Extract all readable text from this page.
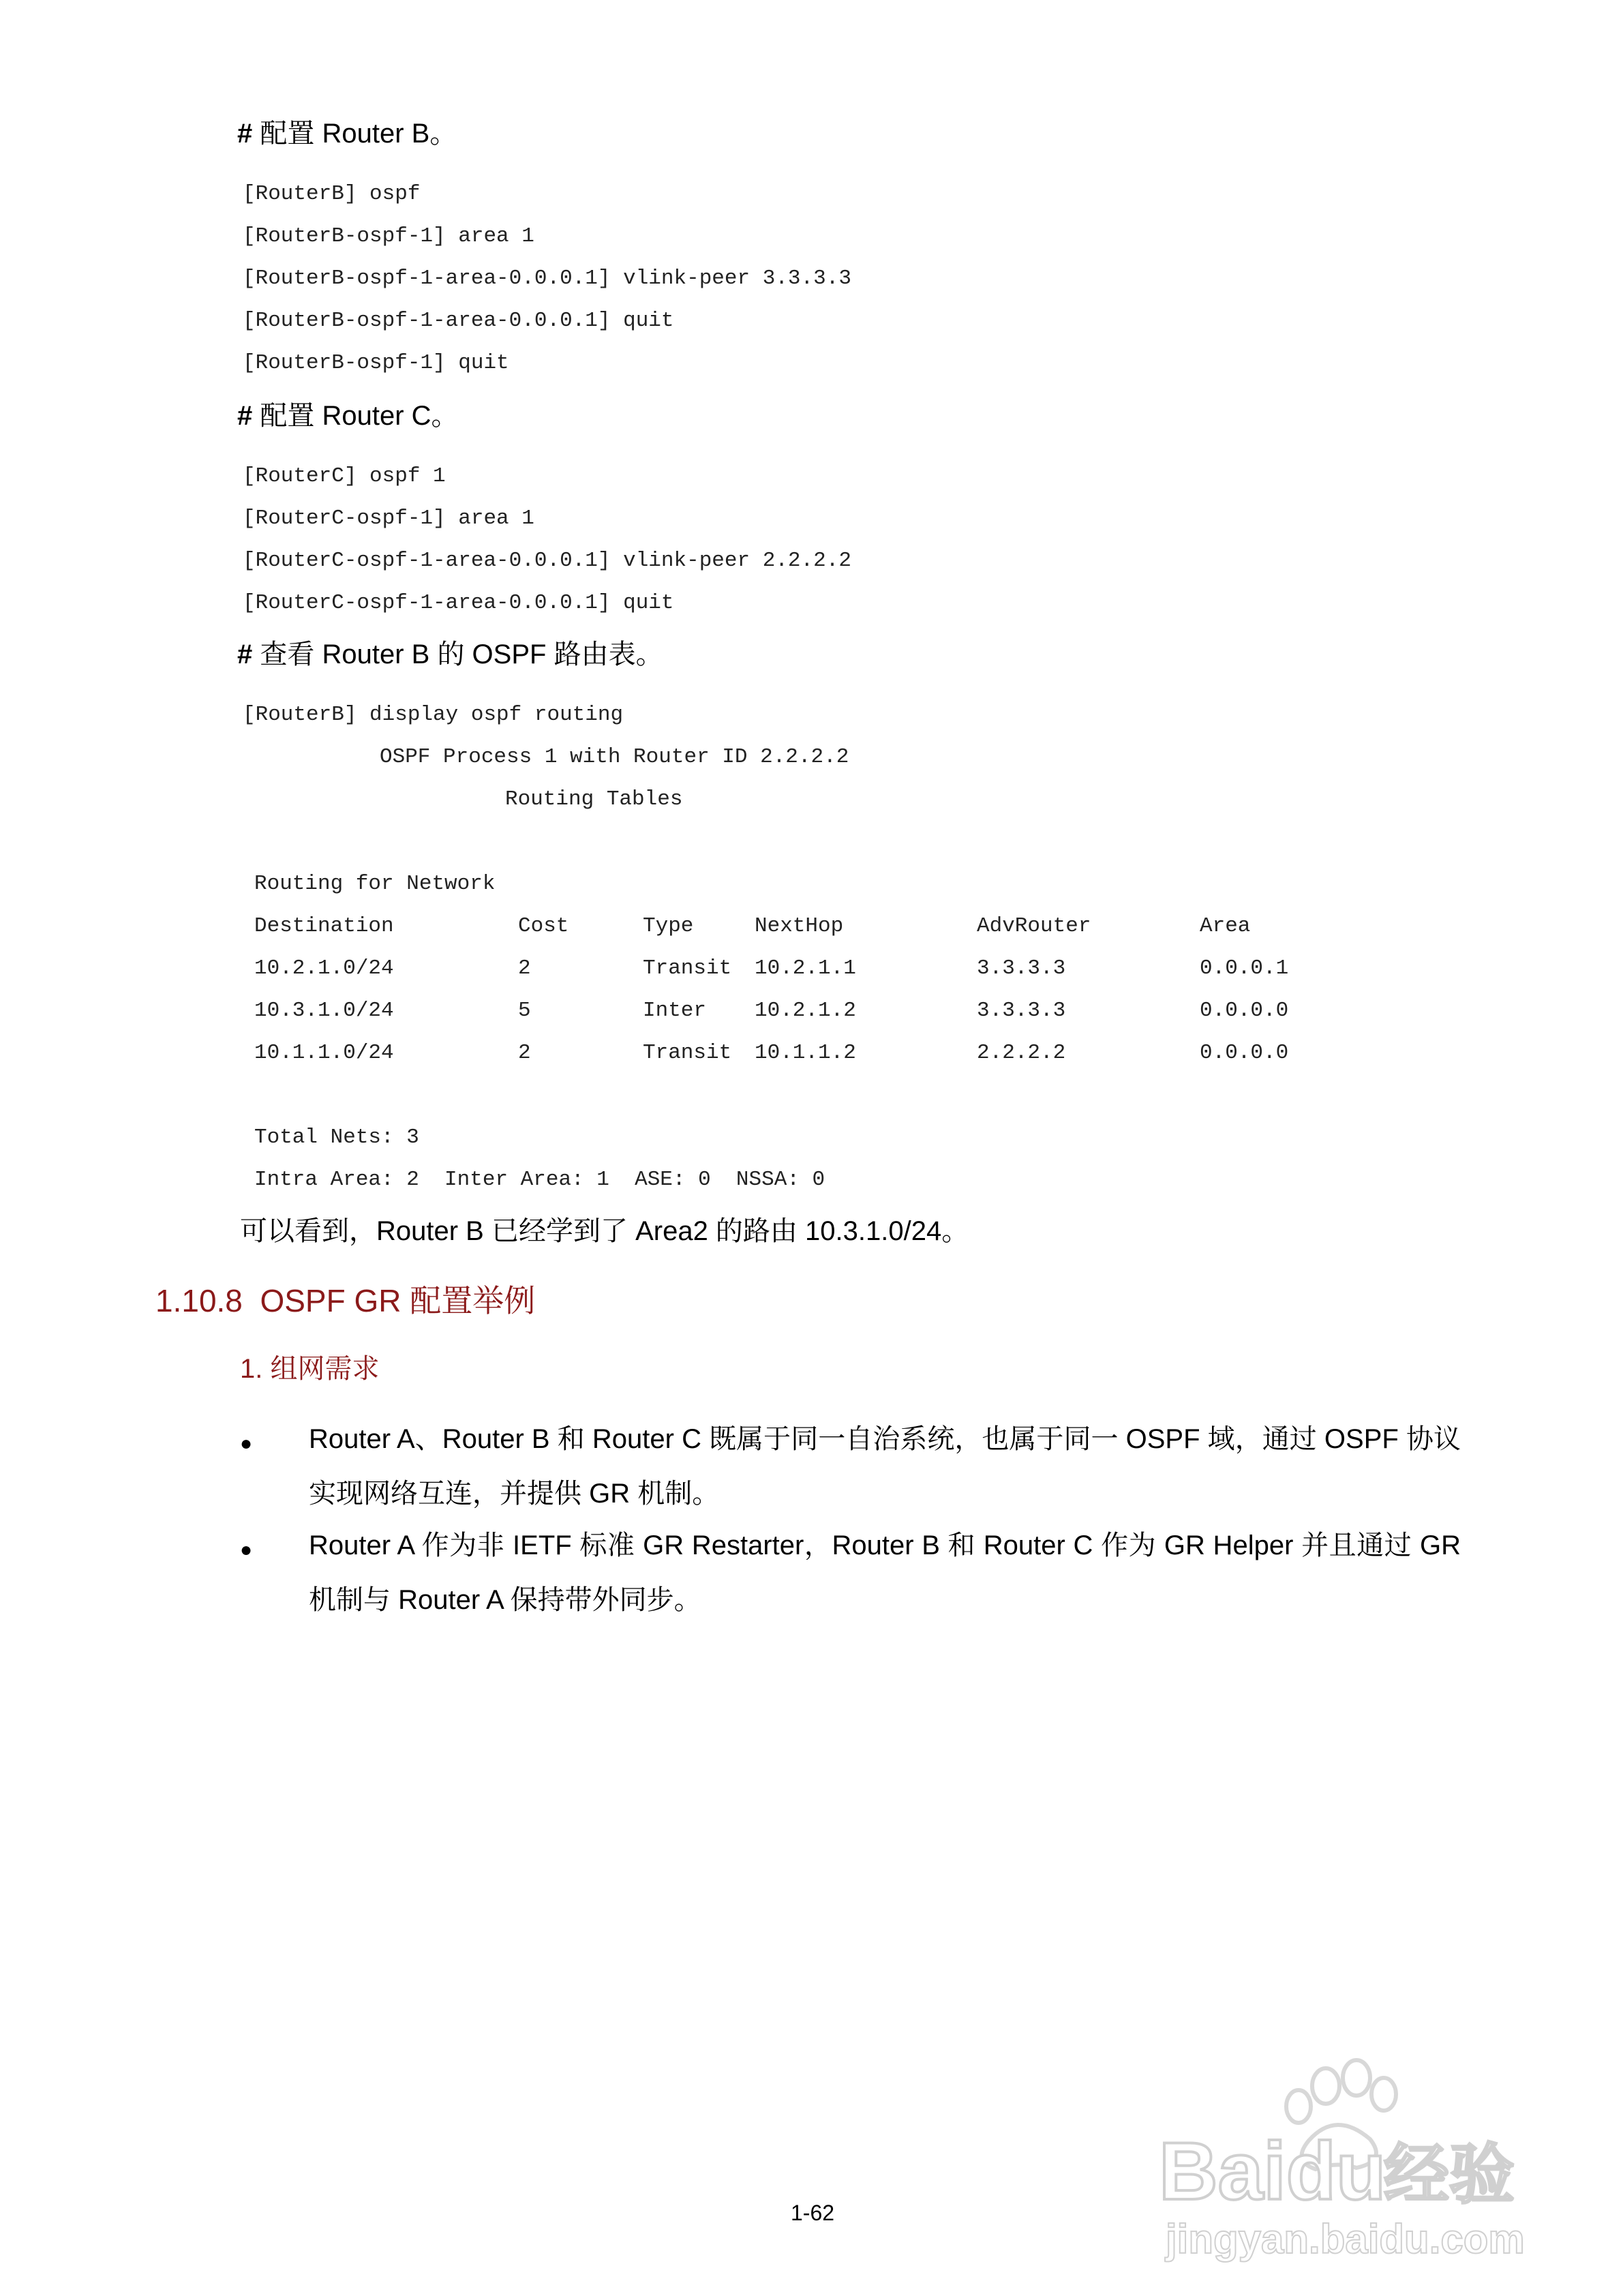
# 配置 Router B。
[RouterB] ospf
[RouterB-ospf-1] area 1
[RouterB-ospf-1-area-0.0.0.1] vlink-peer 3.3.3.3
[RouterB-ospf-1-area-0.0.0.1] quit
[RouterB-ospf-1] quit
# 配置 Router C。
[RouterC] ospf 1
[RouterC-ospf-1] area 1
[RouterC-ospf-1-area-0.0.0.1] vlink-peer 2.2.2.2
[RouterC-ospf-1-area-0.0.0.1] quit
# 查看 Router B 的 OSPF 路由表。
[RouterB] display ospf routing
OSPF Process 1 with Router ID 2.2.2.2
Routing Tables
Routing for Network
Destination	Cost	Type	NextHop	AdvRouter	Area
10.2.1.0/24	2	Transit 10.2.1.1	3.3.3.3	0.0.0.1
10.3.1.0/24	5	Inter 10.2.1.2	3.3.3.3	0.0.0.0
10.1.1.0/24	2	Transit 10.1.1.2	2.2.2.2	0.0.0.0
Total Nets: 3
Intra Area: 2  Inter Area: 1  ASE: 0  NSSA: 0
可以看到，Router B 已经学到了 Area2 的路由 10.3.1.0/24。
1.10.8  OSPF GR 配置举例
1. 组网需求
● Router A、Router B 和 Router C 既属于同一自治系统，也属于同一 OSPF 域，通过 OSPF 协议实现网络互连，并提供 GR 机制。
● Router A 作为非 IETF 标准 GR Restarter，Router B 和 Router C 作为 GR Helper 并且通过 GR 机制与 Router A 保持带外同步。
1-62	Baidu
经验
jingyan.baidu.com
